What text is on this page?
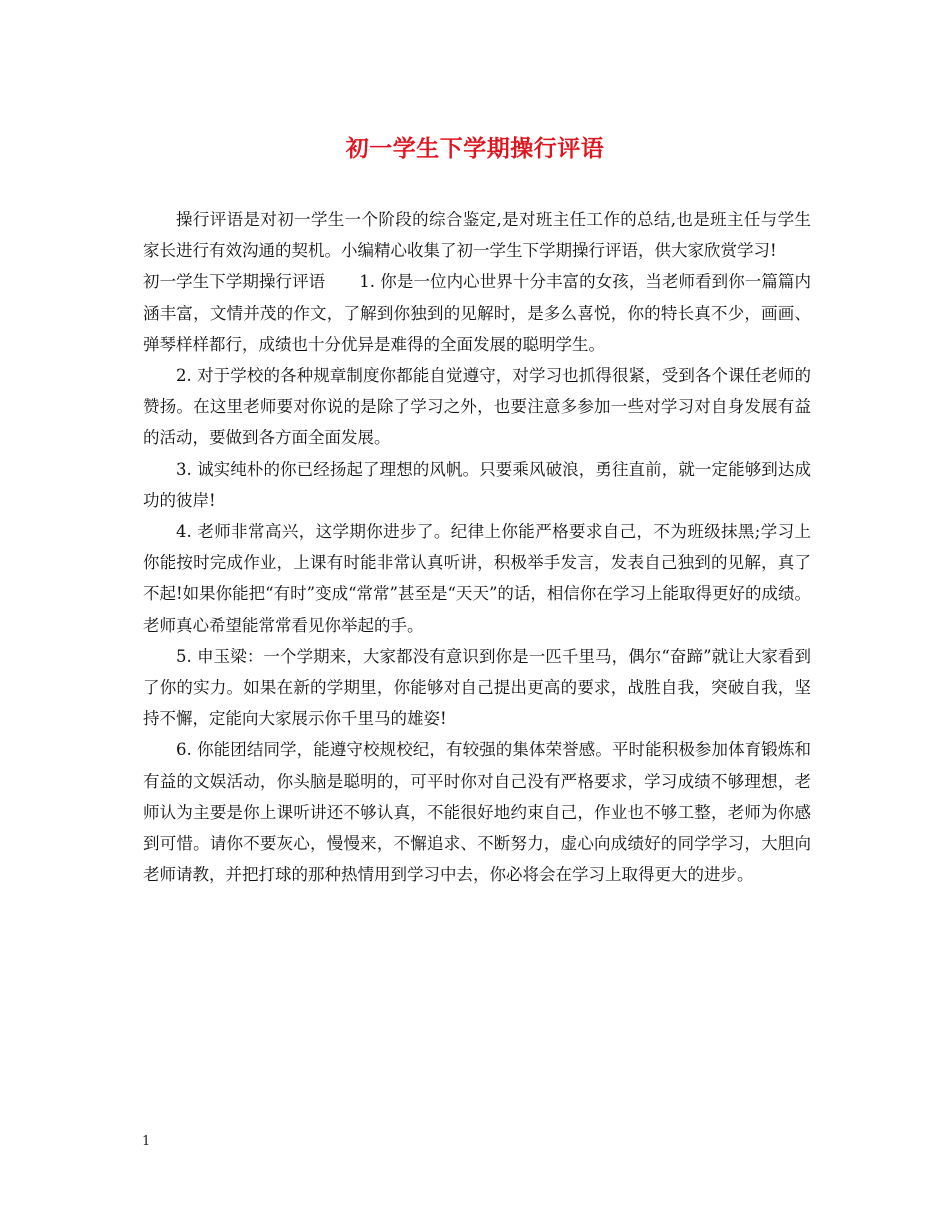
初一学生下学期操行评语

操行评语是对初一学生一个阶段的综合鉴定,是对班主任工作的总结,也是班主任与学生家长进行有效沟通的契机。小编精心收集了初一学生下学期操行评语，供大家欣赏学习!

初一学生下学期操行评语 1. 你是一位内心世界十分丰富的女孩，当老师看到你一篇篇内涵丰富，文情并茂的作文，了解到你独到的见解时，是多么喜悦，你的特长真不少，画画、弹琴样样都行，成绩也十分优异是难得的全面发展的聪明学生。

2. 对于学校的各种规章制度你都能自觉遵守，对学习也抓得很紧，受到各个课任老师的赞扬。在这里老师要对你说的是除了学习之外，也要注意多参加一些对学习对自身发展有益的活动，要做到各方面全面发展。

3. 诚实纯朴的你已经扬起了理想的风帆。只要乘风破浪，勇往直前，就一定能够到达成功的彼岸!

4. 老师非常高兴，这学期你进步了。纪律上你能严格要求自己，不为班级抹黑;学习上你能按时完成作业，上课有时能非常认真听讲，积极举手发言，发表自己独到的见解，真了不起!如果你能把“有时”变成“常常”甚至是“天天”的话，相信你在学习上能取得更好的成绩。老师真心希望能常常看见你举起的手。

5. 申玉梁：一个学期来，大家都没有意识到你是一匹千里马，偶尔“奋蹄”就让大家看到了你的实力。如果在新的学期里，你能够对自己提出更高的要求，战胜自我，突破自我，坚持不懈，定能向大家展示你千里马的雄姿!

6. 你能团结同学，能遵守校规校纪，有较强的集体荣誉感。平时能积极参加体育锻炼和有益的文娱活动，你头脑是聪明的，可平时你对自己没有严格要求，学习成绩不够理想，老师认为主要是你上课听讲还不够认真，不能很好地约束自己，作业也不够工整，老师为你感到可惜。请你不要灰心，慢慢来，不懈追求、不断努力，虚心向成绩好的同学学习，大胆向老师请教，并把打球的那种热情用到学习中去，你必将会在学习上取得更大的进步。

1
